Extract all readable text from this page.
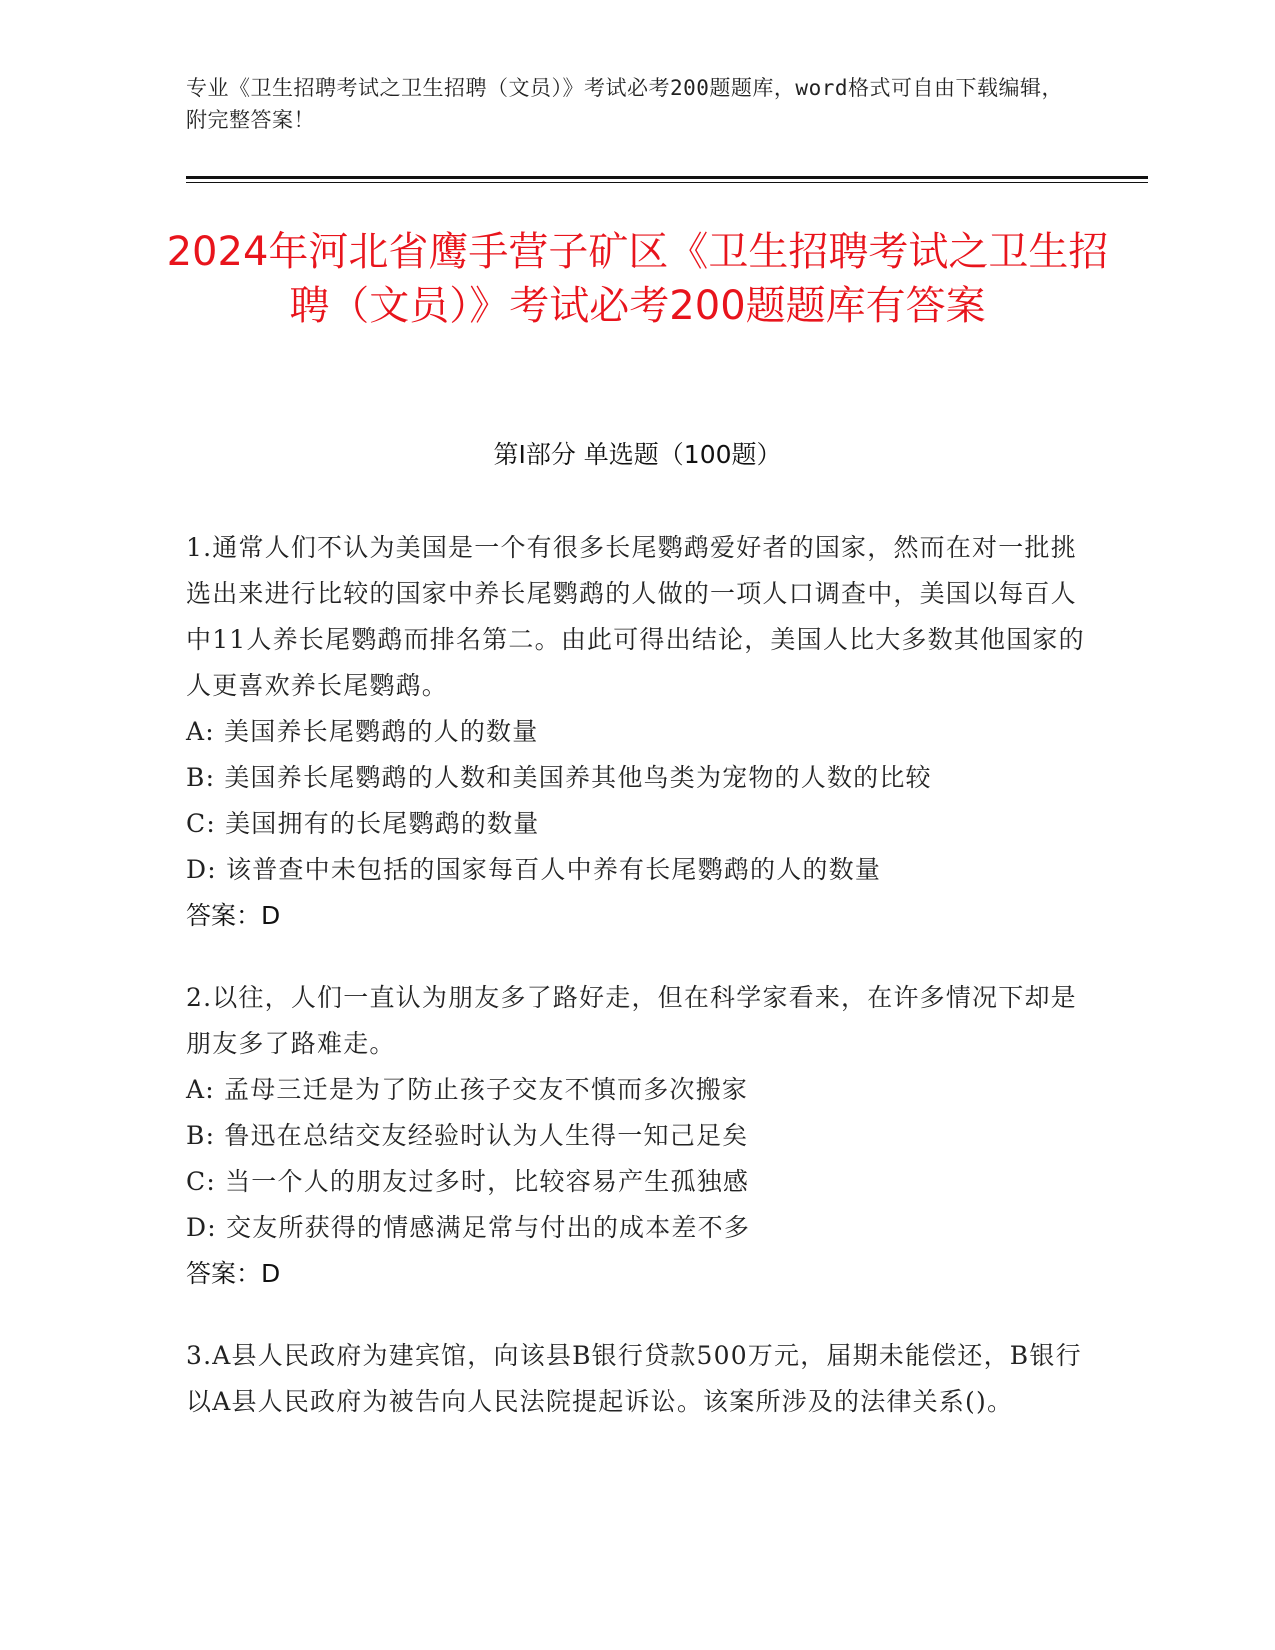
专业《卫生招聘考试之卫生招聘（文员）》考试必考200题题库，word格式可自由下载编辑，附完整答案！
2024年河北省鹰手营子矿区《卫生招聘考试之卫生招聘（文员）》考试必考200题题库有答案
第I部分 单选题（100题）

1.通常人们不认为美国是一个有很多长尾鹦鹉爱好者的国家，然而在对一批挑选出来进行比较的国家中养长尾鹦鹉的人做的一项人口调查中，美国以每百人中11人养长尾鹦鹉而排名第二。由此可得出结论，美国人比大多数其他国家的人更喜欢养长尾鹦鹉。

A: 美国养长尾鹦鹉的人的数量

B: 美国养长尾鹦鹉的人数和美国养其他鸟类为宠物的人数的比较

C: 美国拥有的长尾鹦鹉的数量

D: 该普查中未包括的国家每百人中养有长尾鹦鹉的人的数量

答案：D

2.以往，人们一直认为朋友多了路好走，但在科学家看来，在许多情况下却是朋友多了路难走。

A: 孟母三迁是为了防止孩子交友不慎而多次搬家

B: 鲁迅在总结交友经验时认为人生得一知己足矣

C: 当一个人的朋友过多时，比较容易产生孤独感

D: 交友所获得的情感满足常与付出的成本差不多

答案：D

3.A县人民政府为建宾馆，向该县B银行贷款500万元，届期未能偿还，B银行以A县人民政府为被告向人民法院提起诉讼。该案所涉及的法律关系()。
